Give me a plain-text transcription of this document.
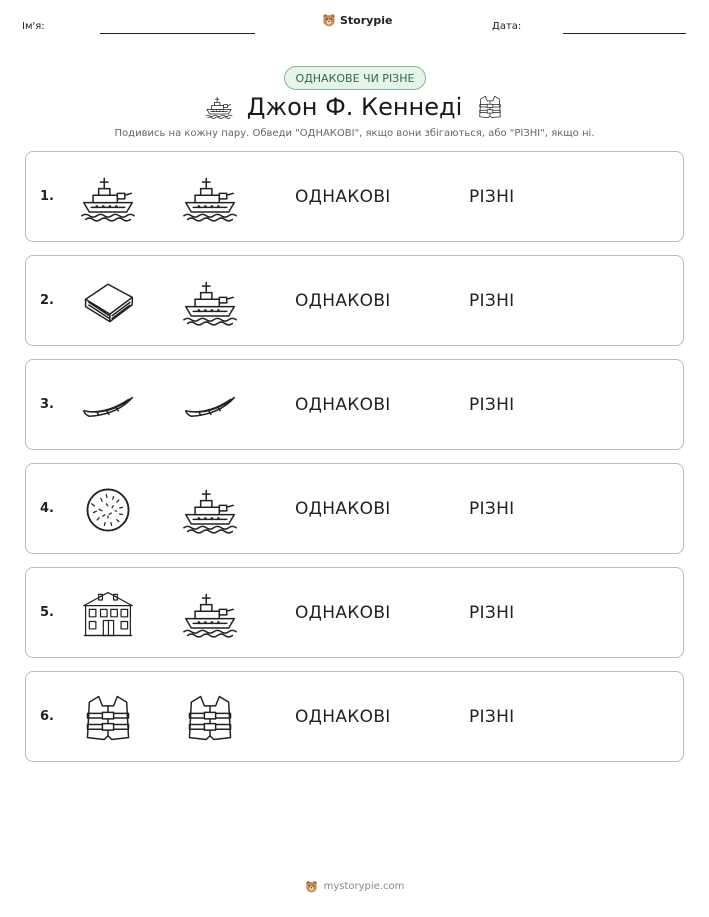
Ім'я:	Storypie	Дата:
ОДНАКОВЕ ЧИ РІЗНЕ
Джон Ф. Кеннеді
Подивись на кожну пару. Обведи "ОДНАКОВІ", якщо вони збігаються, або "РІЗНІ", якщо ні.
1.	ОДНАКОВІ	РІЗНІ
2.	ОДНАКОВІ	РІЗНІ
3.	ОДНАКОВІ	РІЗНІ
4.	ОДНАКОВІ	РІЗНІ
5.	ОДНАКОВІ	РІЗНІ
6.	ОДНАКОВІ	РІЗНІ
mystorypie.com
